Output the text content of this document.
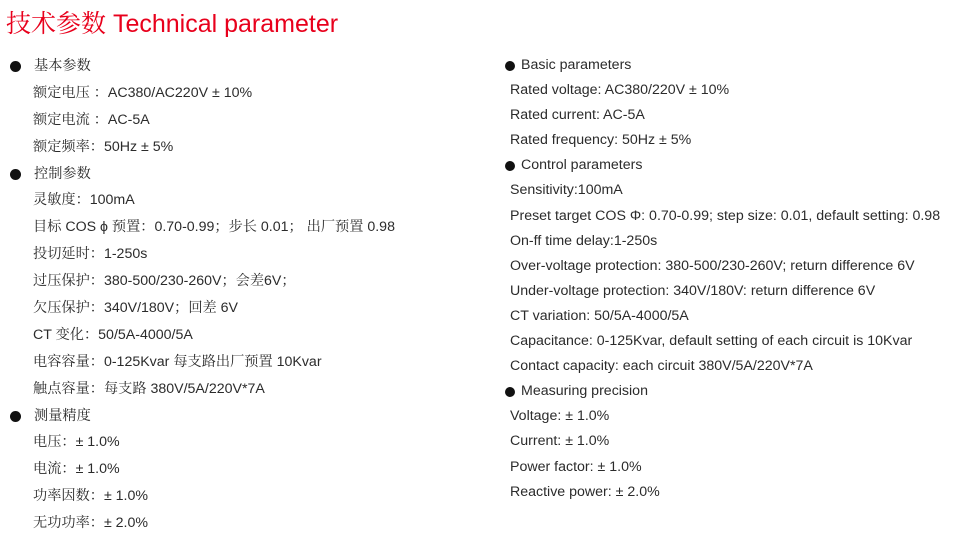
技术参数 Technical parameter
基本参数
额定电压 ：AC380/AC220V ± 10%
额定电流 ：AC-5A
额定频率：50Hz ± 5%
控制参数
灵敏度：100mA
目标 COS ϕ 预置：0.70-0.99；步长 0.01； 出厂预置 0.98
投切延时：1-250s
过压保护：380-500/230-260V；会差6V；
欠压保护：340V/180V；回差 6V
CT 变化：50/5A-4000/5A
电容容量：0-125Kvar 每支路出厂预置 10Kvar
触点容量：每支路 380V/5A/220V*7A
测量精度
电压：± 1.0%
电流：± 1.0%
功率因数：± 1.0%
无功功率：± 2.0%
Basic parameters
Rated voltage: AC380/220V ± 10%
Rated current: AC-5A
Rated frequency: 50Hz ± 5%
Control parameters
Sensitivity:100mA
Preset target COS Φ: 0.70-0.99; step size: 0.01, default setting: 0.98
On-ff time delay:1-250s
Over-voltage protection: 380-500/230-260V; return difference 6V
Under-voltage protection: 340V/180V: return difference 6V
CT variation: 50/5A-4000/5A
Capacitance: 0-125Kvar, default setting of each circuit is 10Kvar
Contact capacity: each circuit 380V/5A/220V*7A
Measuring precision
Voltage: ± 1.0%
Current: ± 1.0%
Power factor: ± 1.0%
Reactive power: ± 2.0%
